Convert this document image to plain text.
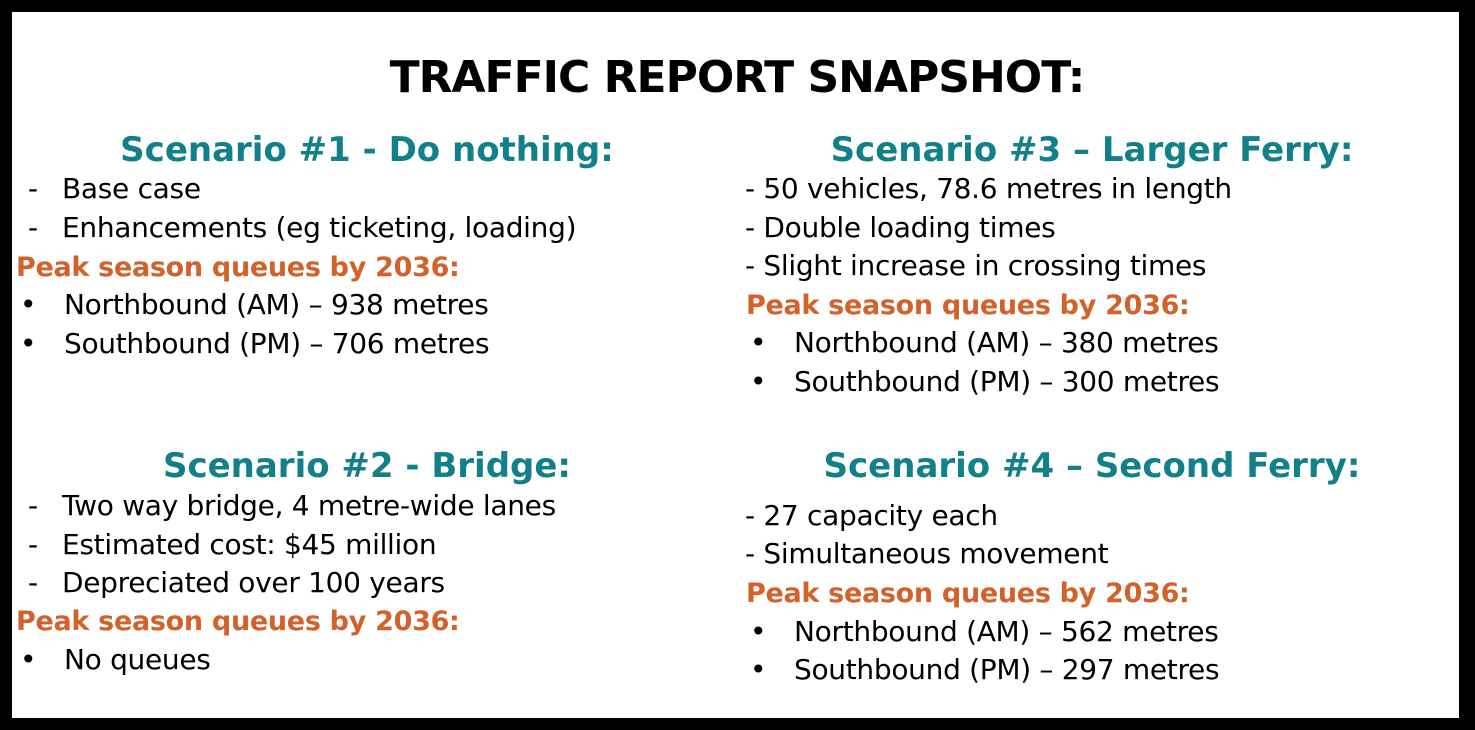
TRAFFIC REPORT SNAPSHOT:
Scenario #1 - Do nothing:
- Base case
- Enhancements (eg ticketing, loading)
Peak season queues by 2036:
• Northbound (AM) – 938 metres
• Southbound (PM) – 706 metres
Scenario #2 - Bridge:
- Two way bridge, 4 metre-wide lanes
- Estimated cost: $45 million
- Depreciated over 100 years
Peak season queues by 2036:
• No queues
Scenario #3 – Larger Ferry:
- 50 vehicles, 78.6 metres in length
- Double loading times
- Slight increase in crossing times
Peak season queues by 2036:
• Northbound (AM) – 380 metres
• Southbound (PM) – 300 metres
Scenario #4 – Second Ferry:
- 27 capacity each
- Simultaneous movement
Peak season queues by 2036:
• Northbound (AM) – 562 metres
• Southbound (PM) – 297 metres
